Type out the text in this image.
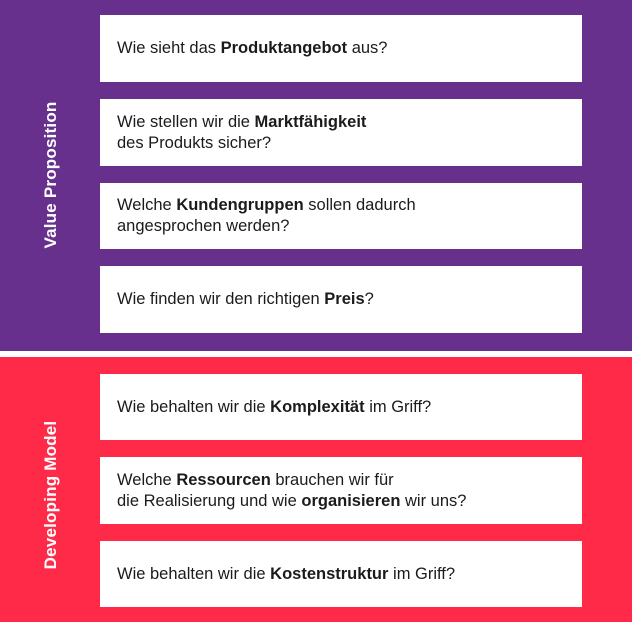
Value Proposition
Wie sieht das Produktangebot aus?
Wie stellen wir die Marktfähigkeit
des Produkts sicher?
Welche Kundengruppen sollen dadurch
angesprochen werden?
Wie finden wir den richtigen Preis?
Developing Model
Wie behalten wir die Komplexität im Griff?
Welche Ressourcen brauchen wir für
die Realisierung und wie organisieren wir uns?
Wie behalten wir die Kostenstruktur im Griff?
